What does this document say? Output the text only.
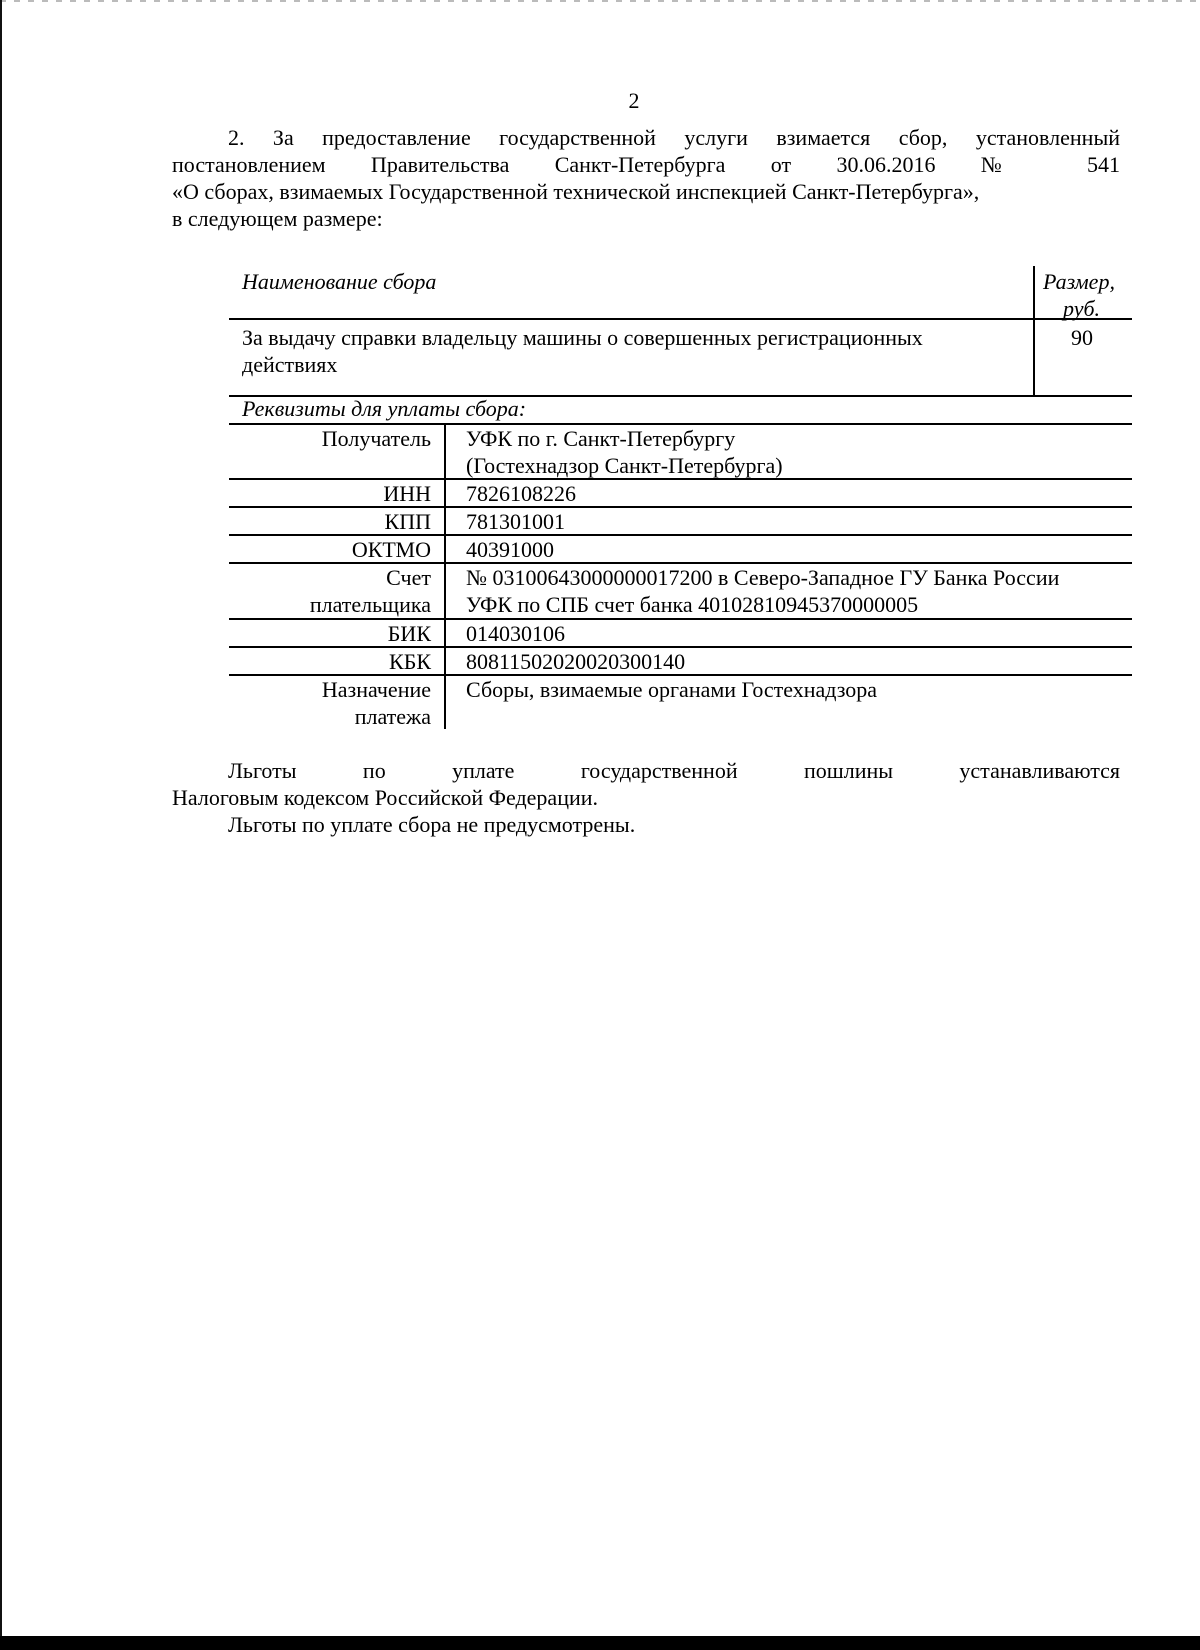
2
2. За предоставление государственной услуги взимается сбор, установленный
постановлением Правительства Санкт-Петербурга от 30.06.2016 № 541
«О сборах, взимаемых Государственной технической инспекцией Санкт-Петербурга»,
в следующем размере:
Наименование сбора	Размер,
руб.
За выдачу справки владельцу машины о совершенных регистрационных
действиях
90
Реквизиты для уплаты сбора:
Получатель УФК по г. Санкт-Петербургу
(Гостехнадзор Санкт-Петербурга)
ИНН 7826108226
КПП 781301001
ОКТМО 40391000
Счет
плательщика
№ 03100643000000017200 в Северо-Западное ГУ Банка России
УФК по СПБ счет банка 40102810945370000005
БИК 014030106
КБК 80811502020020300140
Назначение
платежа
Сборы, взимаемые органами Гостехнадзора
Льготы по уплате государственной пошлины устанавливаются
Налоговым кодексом Российской Федерации.
Льготы по уплате сбора не предусмотрены.
